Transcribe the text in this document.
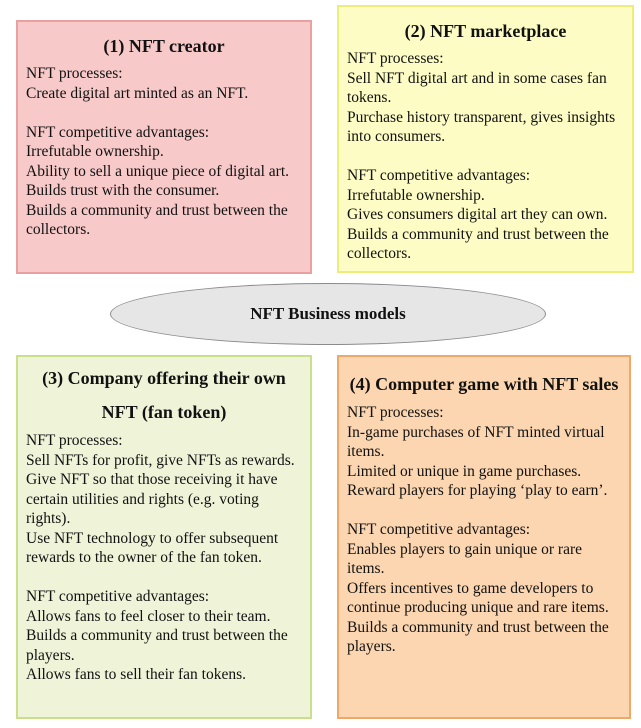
(1) NFT creator
NFT processes:
Create digital art minted as an NFT.
NFT competitive advantages:
Irrefutable ownership.
Ability to sell a unique piece of digital art.
Builds trust with the consumer.
Builds a community and trust between the collectors.
(2) NFT marketplace
NFT processes:
Sell NFT digital art and in some cases fan tokens.
Purchase history transparent, gives insights into consumers.
NFT competitive advantages:
Irrefutable ownership.
Gives consumers digital art they can own.
Builds a community and trust between the collectors.
NFT Business models
(3) Company offering their own NFT (fan token)
NFT processes:
Sell NFTs for profit, give NFTs as rewards.
Give NFT so that those receiving it have certain utilities and rights (e.g. voting rights).
Use NFT technology to offer subsequent rewards to the owner of the fan token.
NFT competitive advantages:
Allows fans to feel closer to their team.
Builds a community and trust between the players.
Allows fans to sell their fan tokens.
(4) Computer game with NFT sales
NFT processes:
In-game purchases of NFT minted virtual items.
Limited or unique in game purchases.
Reward players for playing ‘play to earn’.
NFT competitive advantages:
Enables players to gain unique or rare items.
Offers incentives to game developers to continue producing unique and rare items.
Builds a community and trust between the players.
